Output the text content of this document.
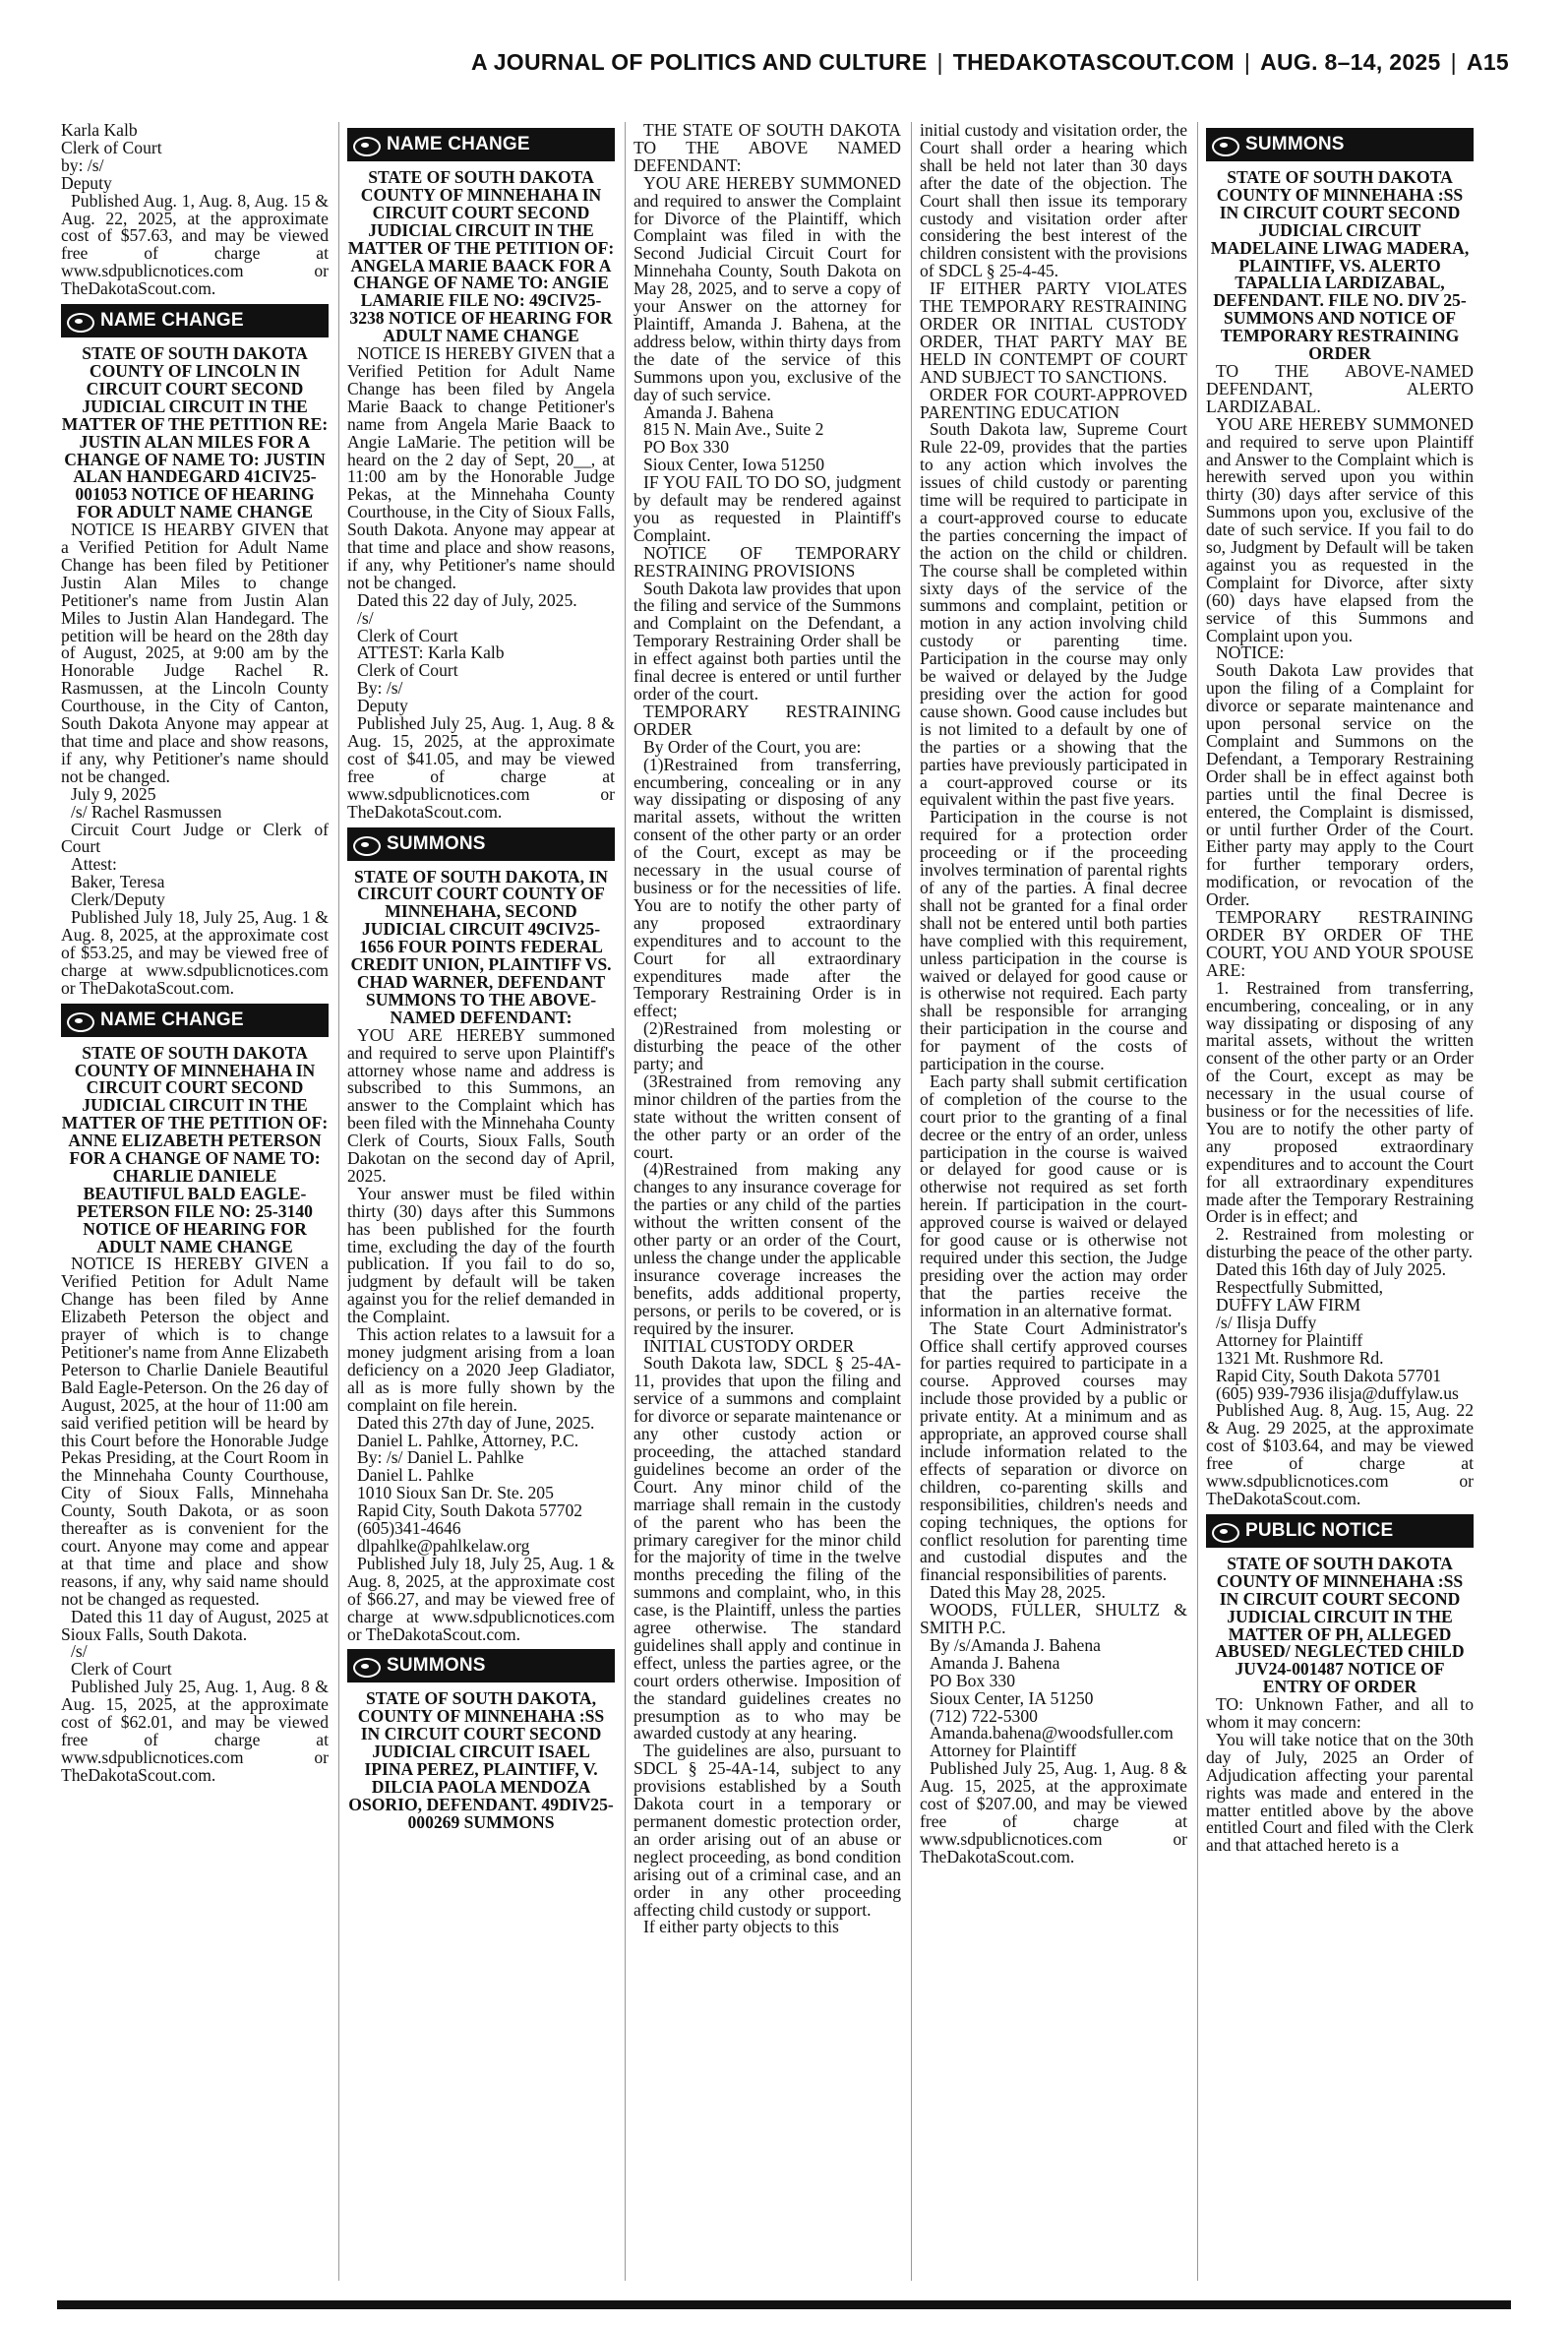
A JOURNAL OF POLITICS AND CULTURE | THEDAKOTASCOUT.COM | AUG. 8–14, 2025 | A15

Karla Kalb

Clerk of Court

by: /s/

Deputy

Published Aug. 1, Aug. 8, Aug. 15 & Aug. 22, 2025, at the approximate cost of $57.63, and may be viewed free of charge at www.sdpublicnotices.com or TheDakotaScout.com.

NAME CHANGE
STATE OF SOUTH DAKOTA COUNTY OF LINCOLN IN CIRCUIT COURT SECOND JUDICIAL CIRCUIT IN THE MATTER OF THE PETITION RE: JUSTIN ALAN MILES FOR A CHANGE OF NAME TO: JUSTIN ALAN HANDEGARD 41CIV25-001053 NOTICE OF HEARING FOR ADULT NAME CHANGE

NOTICE IS HEARBY GIVEN that a Verified Petition for Adult Name Change has been filed by Petitioner Justin Alan Miles to change Petitioner's name from Justin Alan Miles to Justin Alan Handegard. The petition will be heard on the 28th day of August, 2025, at 9:00 am by the Honorable Judge Rachel R. Rasmussen, at the Lincoln County Courthouse, in the City of Canton, South Dakota Anyone may appear at that time and place and show reasons, if any, why Petitioner's name should not be changed.

July 9, 2025

/s/ Rachel Rasmussen

Circuit Court Judge or Clerk of Court

Attest:

Baker, Teresa

Clerk/Deputy

Published July 18, July 25, Aug. 1 & Aug. 8, 2025, at the approximate cost of $53.25, and may be viewed free of charge at www.sdpublicnotices.com or TheDakotaScout.com.

NAME CHANGE
STATE OF SOUTH DAKOTA COUNTY OF MINNEHAHA IN CIRCUIT COURT SECOND JUDICIAL CIRCUIT IN THE MATTER OF THE PETITION OF: ANNE ELIZABETH PETERSON FOR A CHANGE OF NAME TO: CHARLIE DANIELE BEAUTIFUL BALD EAGLE-PETERSON FILE NO: 25-3140 NOTICE OF HEARING FOR ADULT NAME CHANGE

NOTICE IS HEREBY GIVEN a Verified Petition for Adult Name Change has been filed by Anne Elizabeth Peterson the object and prayer of which is to change Petitioner's name from Anne Elizabeth Peterson to Charlie Daniele Beautiful Bald Eagle-Peterson. On the 26 day of August, 2025, at the hour of 11:00 am said verified petition will be heard by this Court before the Honorable Judge Pekas Presiding, at the Court Room in the Minnehaha County Courthouse, City of Sioux Falls, Minnehaha County, South Dakota, or as soon thereafter as is convenient for the court. Anyone may come and appear at that time and place and show reasons, if any, why said name should not be changed as requested.

Dated this 11 day of August, 2025 at Sioux Falls, South Dakota.

/s/

Clerk of Court

Published July 25, Aug. 1, Aug. 8 & Aug. 15, 2025, at the approximate cost of $62.01, and may be viewed free of charge at www.sdpublicnotices.com or TheDakotaScout.com.

NAME CHANGE
STATE OF SOUTH DAKOTA COUNTY OF MINNEHAHA IN CIRCUIT COURT SECOND JUDICIAL CIRCUIT IN THE MATTER OF THE PETITION OF: ANGELA MARIE BAACK FOR A CHANGE OF NAME TO: ANGIE LAMARIE FILE NO: 49CIV25-3238 NOTICE OF HEARING FOR ADULT NAME CHANGE

NOTICE IS HEREBY GIVEN that a Verified Petition for Adult Name Change has been filed by Angela Marie Baack to change Petitioner's name from Angela Marie Baack to Angie LaMarie. The petition will be heard on the 2 day of Sept, 20__, at 11:00 am by the Honorable Judge Pekas, at the Minnehaha County Courthouse, in the City of Sioux Falls, South Dakota. Anyone may appear at that time and place and show reasons, if any, why Petitioner's name should not be changed.

Dated this 22 day of July, 2025.

/s/

Clerk of Court

ATTEST: Karla Kalb

Clerk of Court

By: /s/

Deputy

Published July 25, Aug. 1, Aug. 8 & Aug. 15, 2025, at the approximate cost of $41.05, and may be viewed free of charge at www.sdpublicnotices.com or TheDakotaScout.com.

SUMMONS
STATE OF SOUTH DAKOTA, IN CIRCUIT COURT COUNTY OF MINNEHAHA, SECOND JUDICIAL CIRCUIT 49CIV25-1656 FOUR POINTS FEDERAL CREDIT UNION, PLAINTIFF VS. CHAD WARNER, DEFENDANT SUMMONS TO THE ABOVE-NAMED DEFENDANT:

YOU ARE HEREBY summoned and required to serve upon Plaintiff's attorney whose name and address is subscribed to this Summons, an answer to the Complaint which has been filed with the Minnehaha County Clerk of Courts, Sioux Falls, South Dakotan on the second day of April, 2025.

Your answer must be filed within thirty (30) days after this Summons has been published for the fourth time, excluding the day of the fourth publication. If you fail to do so, judgment by default will be taken against you for the relief demanded in the Complaint.

This action relates to a lawsuit for a money judgment arising from a loan deficiency on a 2020 Jeep Gladiator, all as is more fully shown by the complaint on file herein.

Dated this 27th day of June, 2025.

Daniel L. Pahlke, Attorney, P.C.

By: /s/ Daniel L. Pahlke

Daniel L. Pahlke

1010 Sioux San Dr. Ste. 205

Rapid City, South Dakota 57702

(605)341-4646

dlpahlke@pahlkelaw.org

Published July 18, July 25, Aug. 1 & Aug. 8, 2025, at the approximate cost of $66.27, and may be viewed free of charge at www.sdpublicnotices.com or TheDakotaScout.com.

SUMMONS
STATE OF SOUTH DAKOTA, COUNTY OF MINNEHAHA :SS IN CIRCUIT COURT SECOND JUDICIAL CIRCUIT ISAEL IPINA PEREZ, PLAINTIFF, V. DILCIA PAOLA MENDOZA OSORIO, DEFENDANT. 49DIV25-000269 SUMMONS

THE STATE OF SOUTH DAKOTA TO THE ABOVE NAMED DEFENDANT:

YOU ARE HEREBY SUMMONED and required to answer the Complaint for Divorce of the Plaintiff, which Complaint was filed in with the Second Judicial Circuit Court for Minnehaha County, South Dakota on May 28, 2025, and to serve a copy of your Answer on the attorney for Plaintiff, Amanda J. Bahena, at the address below, within thirty days from the date of the service of this Summons upon you, exclusive of the day of such service.

Amanda J. Bahena

815 N. Main Ave., Suite 2

PO Box 330

Sioux Center, Iowa 51250

IF YOU FAIL TO DO SO, judgment by default may be rendered against you as requested in Plaintiff's Complaint.

NOTICE OF TEMPORARY RESTRAINING PROVISIONS

South Dakota law provides that upon the filing and service of the Summons and Complaint on the Defendant, a Temporary Restraining Order shall be in effect against both parties until the final decree is entered or until further order of the court.

TEMPORARY RESTRAINING ORDER

By Order of the Court, you are:

(1)Restrained from transferring, encumbering, concealing or in any way dissipating or disposing of any marital assets, without the written consent of the other party or an order of the Court, except as may be necessary in the usual course of business or for the necessities of life. You are to notify the other party of any proposed extraordinary expenditures and to account to the Court for all extraordinary expenditures made after the Temporary Restraining Order is in effect;

(2)Restrained from molesting or disturbing the peace of the other party; and

(3Restrained from removing any minor children of the parties from the state without the written consent of the other party or an order of the court.

(4)Restrained from making any changes to any insurance coverage for the parties or any child of the parties without the written consent of the other party or an order of the Court, unless the change under the applicable insurance coverage increases the benefits, adds additional property, persons, or perils to be covered, or is required by the insurer.

INITIAL CUSTODY ORDER

South Dakota law, SDCL § 25-4A-11, provides that upon the filing and service of a summons and complaint for divorce or separate maintenance or any other custody action or proceeding, the attached standard guidelines become an order of the Court. Any minor child of the marriage shall remain in the custody of the parent who has been the primary caregiver for the minor child for the majority of time in the twelve months preceding the filing of the summons and complaint, who, in this case, is the Plaintiff, unless the parties agree otherwise. The standard guidelines shall apply and continue in effect, unless the parties agree, or the court orders otherwise. Imposition of the standard guidelines creates no presumption as to who may be awarded custody at any hearing.

The guidelines are also, pursuant to SDCL § 25-4A-14, subject to any provisions established by a South Dakota court in a temporary or permanent domestic protection order, an order arising out of an abuse or neglect proceeding, as bond condition arising out of a criminal case, and an order in any other proceeding affecting child custody or support.

If either party objects to this

initial custody and visitation order, the Court shall order a hearing which shall be held not later than 30 days after the date of the objection. The Court shall then issue its temporary custody and visitation order after considering the best interest of the children consistent with the provisions of SDCL § 25-4-45.

IF EITHER PARTY VIOLATES THE TEMPORARY RESTRAINING ORDER OR INITIAL CUSTODY ORDER, THAT PARTY MAY BE HELD IN CONTEMPT OF COURT AND SUBJECT TO SANCTIONS.

ORDER FOR COURT-APPROVED PARENTING EDUCATION

South Dakota law, Supreme Court Rule 22-09, provides that the parties to any action which involves the issues of child custody or parenting time will be required to participate in a court-approved course to educate the parties concerning the impact of the action on the child or children. The course shall be completed within sixty days of the service of the summons and complaint, petition or motion in any action involving child custody or parenting time. Participation in the course may only be waived or delayed by the Judge presiding over the action for good cause shown. Good cause includes but is not limited to a default by one of the parties or a showing that the parties have previously participated in a court-approved course or its equivalent within the past five years.

Participation in the course is not required for a protection order proceeding or if the proceeding involves termination of parental rights of any of the parties. A final decree shall not be granted for a final order shall not be entered until both parties have complied with this requirement, unless participation in the course is waived or delayed for good cause or is otherwise not required. Each party shall be responsible for arranging their participation in the course and for payment of the costs of participation in the course.

Each party shall submit certification of completion of the course to the court prior to the granting of a final decree or the entry of an order, unless participation in the course is waived or delayed for good cause or is otherwise not required as set forth herein. If participation in the court-approved course is waived or delayed for good cause or is otherwise not required under this section, the Judge presiding over the action may order that the parties receive the information in an alternative format.

The State Court Administrator's Office shall certify approved courses for parties required to participate in a course. Approved courses may include those provided by a public or private entity. At a minimum and as appropriate, an approved course shall include information related to the effects of separation or divorce on children, co-parenting skills and responsibilities, children's needs and coping techniques, the options for conflict resolution for parenting time and custodial disputes and the financial responsibilities of parents.

Dated this May 28, 2025.

WOODS, FULLER, SHULTZ & SMITH P.C.

By /s/Amanda J. Bahena

Amanda J. Bahena

PO Box 330

Sioux Center, IA 51250

(712) 722-5300

Amanda.bahena@woodsfuller.com

Attorney for Plaintiff

Published July 25, Aug. 1, Aug. 8 & Aug. 15, 2025, at the approximate cost of $207.00, and may be viewed free of charge at www.sdpublicnotices.com or TheDakotaScout.com.

SUMMONS
STATE OF SOUTH DAKOTA COUNTY OF MINNEHAHA :SS IN CIRCUIT COURT SECOND JUDICIAL CIRCUIT MADELAINE LIWAG MADERA, PLAINTIFF, VS. ALERTO TAPALLIA LARDIZABAL, DEFENDANT. FILE NO. DIV 25- SUMMONS AND NOTICE OF TEMPORARY RESTRAINING ORDER

TO THE ABOVE-NAMED DEFENDANT, ALERTO LARDIZABAL.

YOU ARE HEREBY SUMMONED and required to serve upon Plaintiff and Answer to the Complaint which is herewith served upon you within thirty (30) days after service of this Summons upon you, exclusive of the date of such service. If you fail to do so, Judgment by Default will be taken against you as requested in the Complaint for Divorce, after sixty (60) days have elapsed from the service of this Summons and Complaint upon you.

NOTICE:

South Dakota Law provides that upon the filing of a Complaint for divorce or separate maintenance and upon personal service on the Complaint and Summons on the Defendant, a Temporary Restraining Order shall be in effect against both parties until the final Decree is entered, the Complaint is dismissed, or until further Order of the Court. Either party may apply to the Court for further temporary orders, modification, or revocation of the Order.

TEMPORARY RESTRAINING ORDER BY ORDER OF THE COURT, YOU AND YOUR SPOUSE ARE:

1. Restrained from transferring, encumbering, concealing, or in any way dissipating or disposing of any marital assets, without the written consent of the other party or an Order of the Court, except as may be necessary in the usual course of business or for the necessities of life. You are to notify the other party of any proposed extraordinary expenditures and to account the Court for all extraordinary expenditures made after the Temporary Restraining Order is in effect; and

2. Restrained from molesting or disturbing the peace of the other party.

Dated this 16th day of July 2025.

Respectfully Submitted,

DUFFY LAW FIRM

/s/ Ilisja Duffy

Attorney for Plaintiff

1321 Mt. Rushmore Rd.

Rapid City, South Dakota 57701

(605) 939-7936 ilisja@duffylaw.us

Published Aug. 8, Aug. 15, Aug. 22 & Aug. 29 2025, at the approximate cost of $103.64, and may be viewed free of charge at www.sdpublicnotices.com or TheDakotaScout.com.

PUBLIC NOTICE
STATE OF SOUTH DAKOTA COUNTY OF MINNEHAHA :SS IN CIRCUIT COURT SECOND JUDICIAL CIRCUIT IN THE MATTER OF PH, ALLEGED ABUSED/ NEGLECTED CHILD JUV24-001487 NOTICE OF ENTRY OF ORDER

TO: Unknown Father, and all to whom it may concern:

You will take notice that on the 30th day of July, 2025 an Order of Adjudication affecting your parental rights was made and entered in the matter entitled above by the above entitled Court and filed with the Clerk and that attached hereto is a
